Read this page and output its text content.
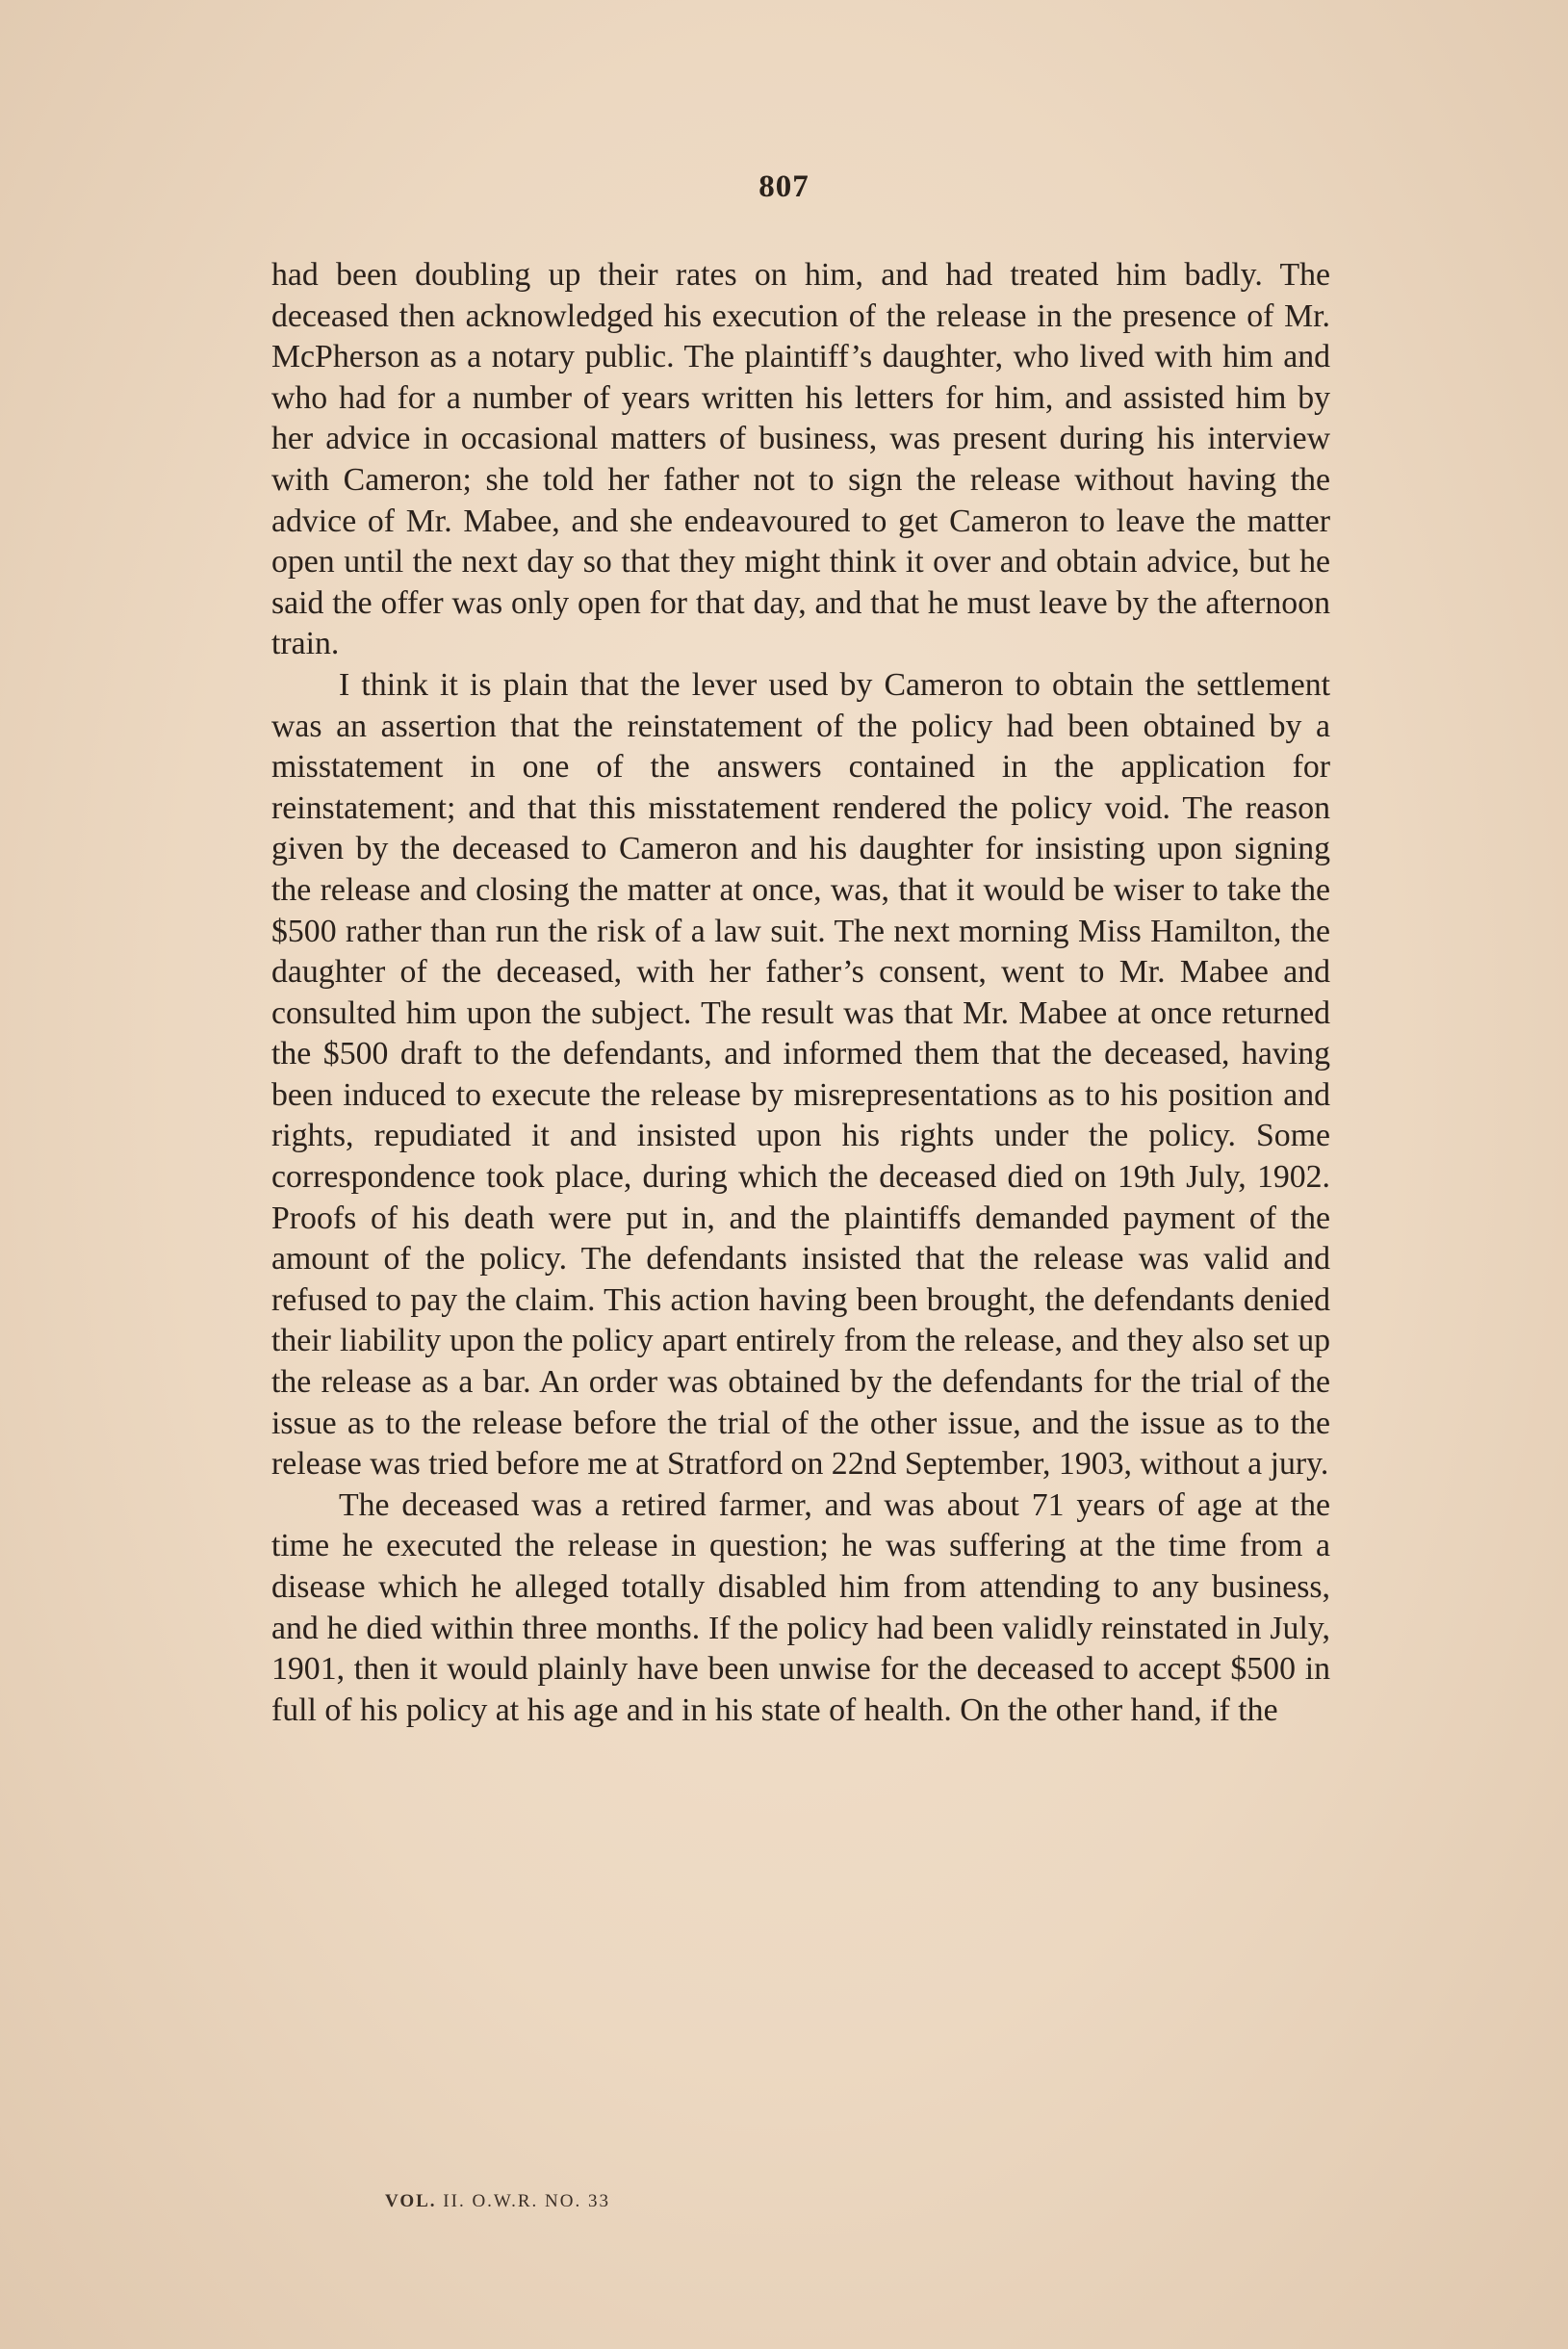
807

had been doubling up their rates on him, and had treated him badly. The deceased then acknowledged his execution of the release in the presence of Mr. McPherson as a notary public. The plaintiff’s daughter, who lived with him and who had for a number of years written his letters for him, and assisted him by her advice in occasional matters of business, was present during his interview with Cameron; she told her father not to sign the release without having the advice of Mr. Mabee, and she endeavoured to get Cameron to leave the matter open until the next day so that they might think it over and obtain advice, but he said the offer was only open for that day, and that he must leave by the afternoon train.

I think it is plain that the lever used by Cameron to obtain the settlement was an assertion that the reinstatement of the policy had been obtained by a misstatement in one of the answers contained in the application for reinstatement; and that this misstatement rendered the policy void. The reason given by the deceased to Cameron and his daughter for insisting upon signing the release and closing the matter at once, was, that it would be wiser to take the $500 rather than run the risk of a law suit. The next morning Miss Hamilton, the daughter of the deceased, with her father’s consent, went to Mr. Mabee and consulted him upon the subject. The result was that Mr. Mabee at once returned the $500 draft to the defendants, and informed them that the deceased, having been induced to execute the release by misrepresentations as to his position and rights, repudiated it and insisted upon his rights under the policy. Some correspondence took place, during which the deceased died on 19th July, 1902. Proofs of his death were put in, and the plaintiffs demanded payment of the amount of the policy. The defendants insisted that the release was valid and refused to pay the claim. This action having been brought, the defendants denied their liability upon the policy apart entirely from the release, and they also set up the release as a bar. An order was obtained by the defendants for the trial of the issue as to the release before the trial of the other issue, and the issue as to the release was tried before me at Stratford on 22nd September, 1903, without a jury.

The deceased was a retired farmer, and was about 71 years of age at the time he executed the release in question; he was suffering at the time from a disease which he alleged totally disabled him from attending to any business, and he died within three months. If the policy had been validly reinstated in July, 1901, then it would plainly have been unwise for the deceased to accept $500 in full of his policy at his age and in his state of health. On the other hand, if the

VOL. II. O.W.R. NO. 33
